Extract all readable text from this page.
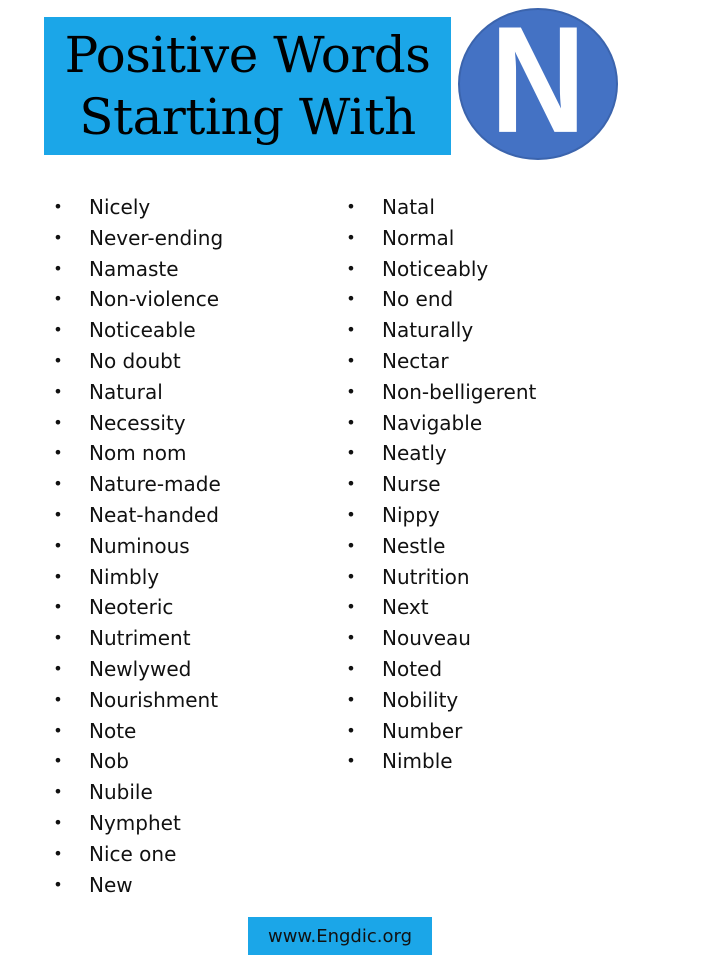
Positive Words
Starting With N
• Nicely
• Never-ending
• Namaste
• Non-violence
• Noticeable
• No doubt
• Natural
• Necessity
• Nom nom
• Nature-made
• Neat-handed
• Numinous
• Nimbly
• Neoteric
• Nutriment
• Newlywed
• Nourishment
• Note
• Nob
• Nubile
• Nymphet
• Nice one
• New
• Natal
• Normal
• Noticeably
• No end
• Naturally
• Nectar
• Non-belligerent
• Navigable
• Neatly
• Nurse
• Nippy
• Nestle
• Nutrition
• Next
• Nouveau
• Noted
• Nobility
• Number
• Nimble
www.Engdic.org
